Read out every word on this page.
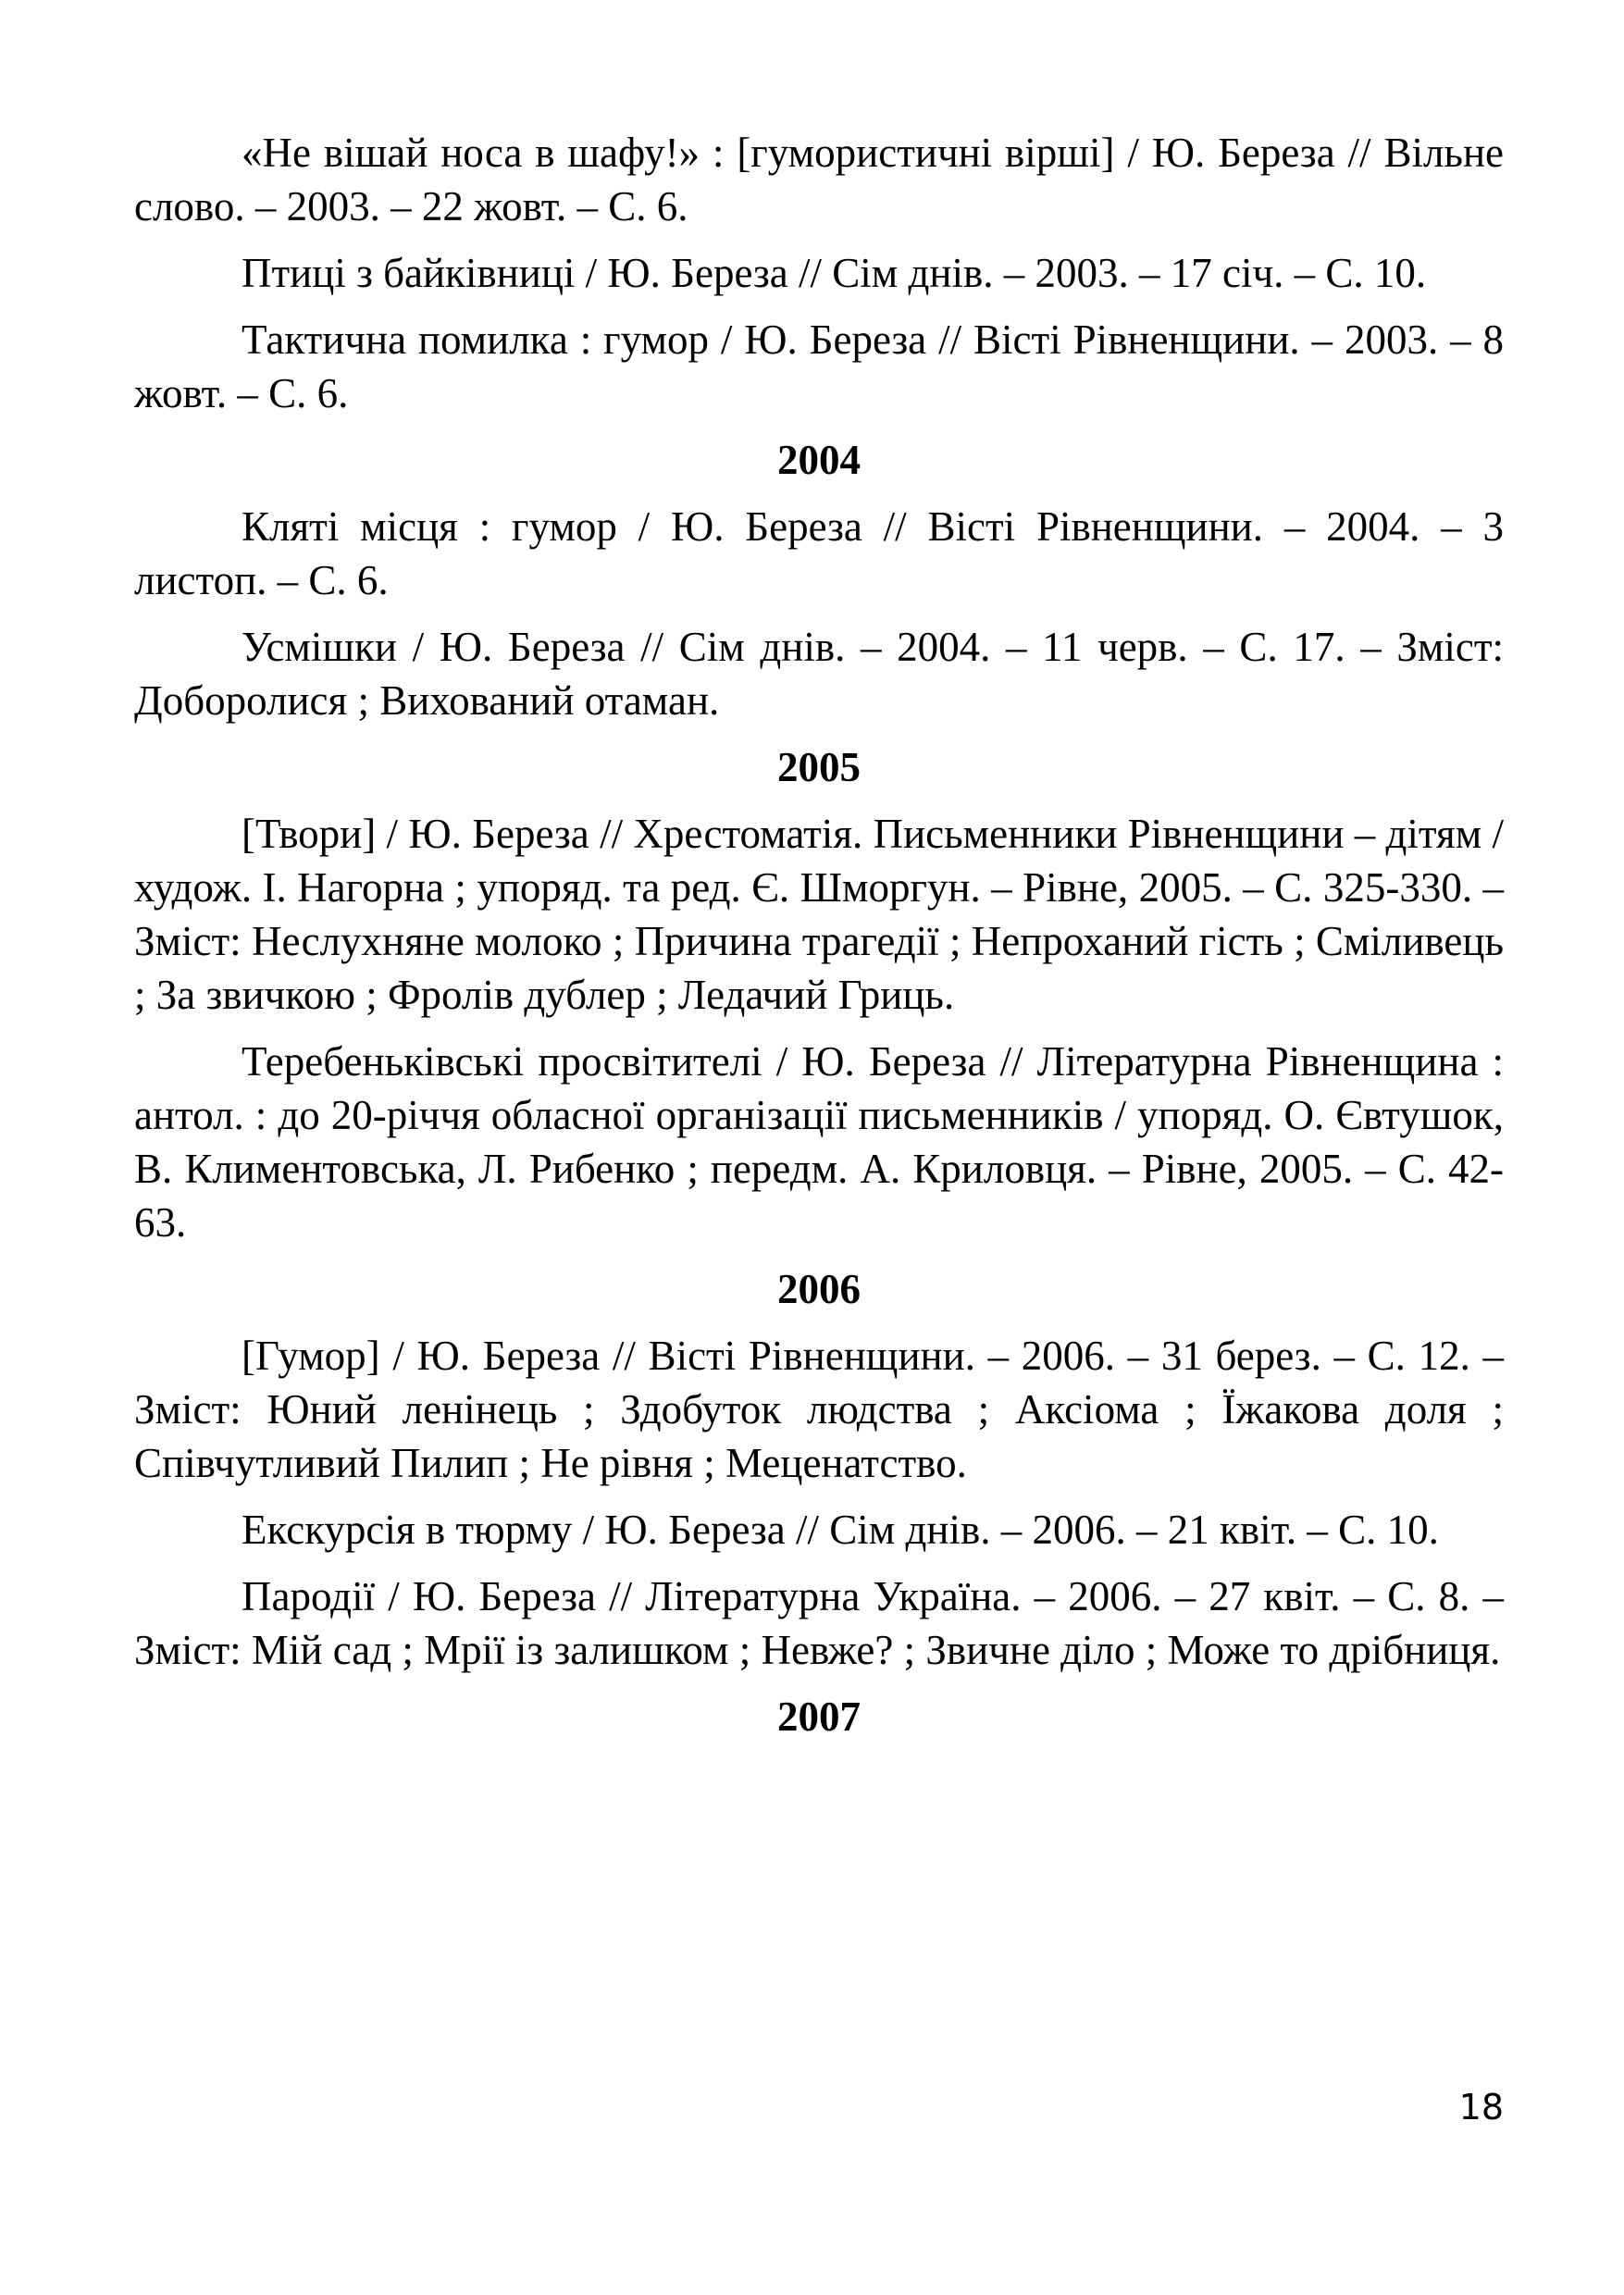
«Не вішай носа в шафу!» : [гумористичні вірші] / Ю. Береза // Вільне слово. – 2003. – 22 жовт. – С. 6.

Птиці з байківниці / Ю. Береза // Сім днів. – 2003. – 17 січ. – С. 10.

Тактична помилка : гумор / Ю. Береза // Вісті Рівненщини. – 2003. – 8 жовт. – С. 6.

2004

Кляті місця : гумор / Ю. Береза // Вісті Рівненщини. – 2004. – 3 листоп. – С. 6.

Усмішки / Ю. Береза // Сім днів. – 2004. – 11 черв. – С. 17. – Зміст: Доборолися ; Вихований отаман.

2005

[Твори] / Ю. Береза // Хрестоматія. Письменники Рівненщини – дітям / худож. І. Нагорна ; упоряд. та ред. Є. Шморгун. – Рівне, 2005. – С. 325-330. – Зміст: Неслухняне молоко ; Причина трагедії ; Непроханий гість ; Сміливець ; За звичкою ; Фролів дублер ; Ледачий Гриць.

Теребеньківські просвітителі / Ю. Береза // Літературна Рівненщина : антол. : до 20-річчя обласної організації письменників / упоряд. О. Євтушок, В. Климентовська, Л. Рибенко ; передм. А. Криловця. – Рівне, 2005. – С. 42-63.

2006

[Гумор] / Ю. Береза // Вісті Рівненщини. – 2006. – 31 берез. – С. 12. – Зміст: Юний ленінець ; Здобуток людства ; Аксіома ; Їжакова доля ; Співчутливий Пилип ; Не рівня ; Меценатство.

Екскурсія в тюрму / Ю. Береза // Сім днів. – 2006. – 21 квіт. – С. 10.

Пародії / Ю. Береза // Літературна Україна. – 2006. – 27 квіт. – С. 8. – Зміст: Мій сад ; Мрії із залишком ; Невже? ; Звичне діло ; Може то дрібниця.

2007
18
